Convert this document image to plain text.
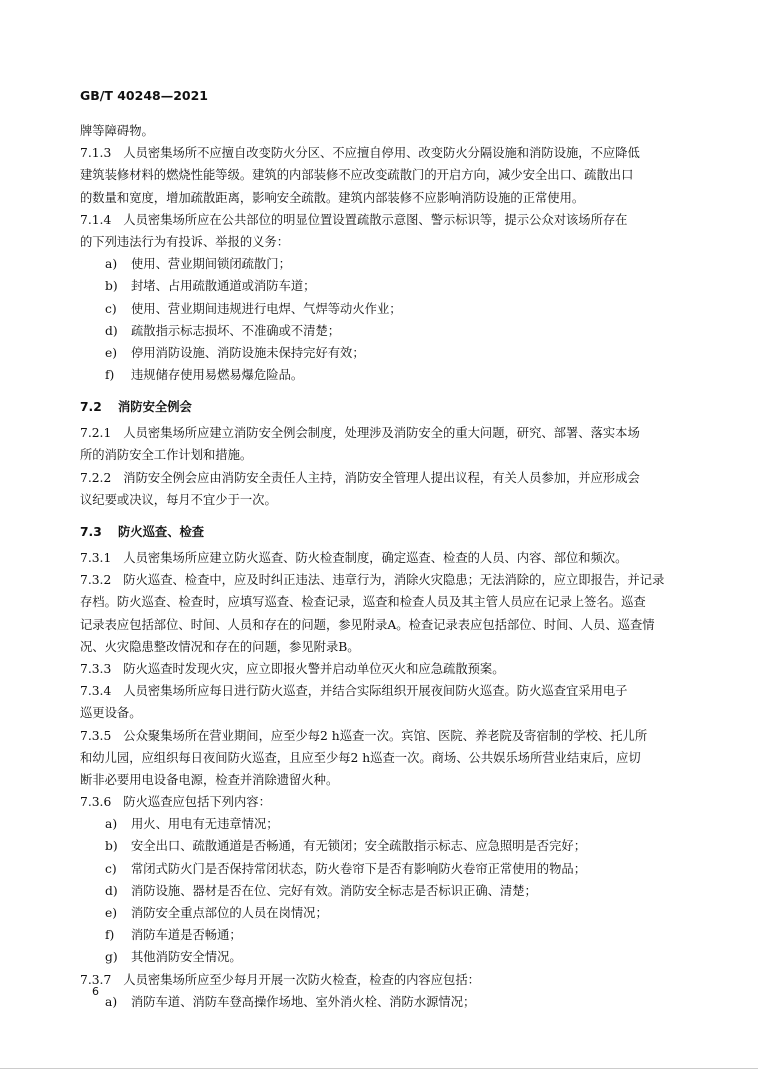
GB/T 40248—2021
牌等障碍物。
7.1.3 人员密集场所不应擅自改变防火分区、不应擅自停用、改变防火分隔设施和消防设施，不应降低
建筑装修材料的燃烧性能等级。建筑的内部装修不应改变疏散门的开启方向，减少安全出口、疏散出口
的数量和宽度，增加疏散距离，影响安全疏散。建筑内部装修不应影响消防设施的正常使用。
7.1.4 人员密集场所应在公共部位的明显位置设置疏散示意图、警示标识等，提示公众对该场所存在
的下列违法行为有投诉、举报的义务：
a) 使用、营业期间锁闭疏散门；
b) 封堵、占用疏散通道或消防车道；
c) 使用、营业期间违规进行电焊、气焊等动火作业；
d) 疏散指示标志损坏、不准确或不清楚；
e) 停用消防设施、消防设施未保持完好有效；
f) 违规储存使用易燃易爆危险品。
7.2 消防安全例会
7.2.1 人员密集场所应建立消防安全例会制度，处理涉及消防安全的重大问题，研究、部署、落实本场
所的消防安全工作计划和措施。
7.2.2 消防安全例会应由消防安全责任人主持，消防安全管理人提出议程，有关人员参加，并应形成会
议纪要或决议，每月不宜少于一次。
7.3 防火巡查、检查
7.3.1 人员密集场所应建立防火巡查、防火检查制度，确定巡查、检查的人员、内容、部位和频次。
7.3.2 防火巡查、检查中，应及时纠正违法、违章行为，消除火灾隐患；无法消除的，应立即报告，并记录
存档。防火巡查、检查时，应填写巡查、检查记录，巡查和检查人员及其主管人员应在记录上签名。巡查
记录表应包括部位、时间、人员和存在的问题，参见附录A。检查记录表应包括部位、时间、人员、巡查情
况、火灾隐患整改情况和存在的问题，参见附录B。
7.3.3 防火巡查时发现火灾，应立即报火警并启动单位灭火和应急疏散预案。
7.3.4 人员密集场所应每日进行防火巡查，并结合实际组织开展夜间防火巡查。防火巡查宜采用电子
巡更设备。
7.3.5 公众聚集场所在营业期间，应至少每2 h巡查一次。宾馆、医院、养老院及寄宿制的学校、托儿所
和幼儿园，应组织每日夜间防火巡查，且应至少每2 h巡查一次。商场、公共娱乐场所营业结束后，应切
断非必要用电设备电源，检查并消除遗留火种。
7.3.6 防火巡查应包括下列内容：
a) 用火、用电有无违章情况；
b) 安全出口、疏散通道是否畅通，有无锁闭；安全疏散指示标志、应急照明是否完好；
c) 常闭式防火门是否保持常闭状态，防火卷帘下是否有影响防火卷帘正常使用的物品；
d) 消防设施、器材是否在位、完好有效。消防安全标志是否标识正确、清楚；
e) 消防安全重点部位的人员在岗情况；
f) 消防车道是否畅通；
g) 其他消防安全情况。
7.3.7 人员密集场所应至少每月开展一次防火检查，检查的内容应包括：
a) 消防车道、消防车登高操作场地、室外消火栓、消防水源情况；
6
